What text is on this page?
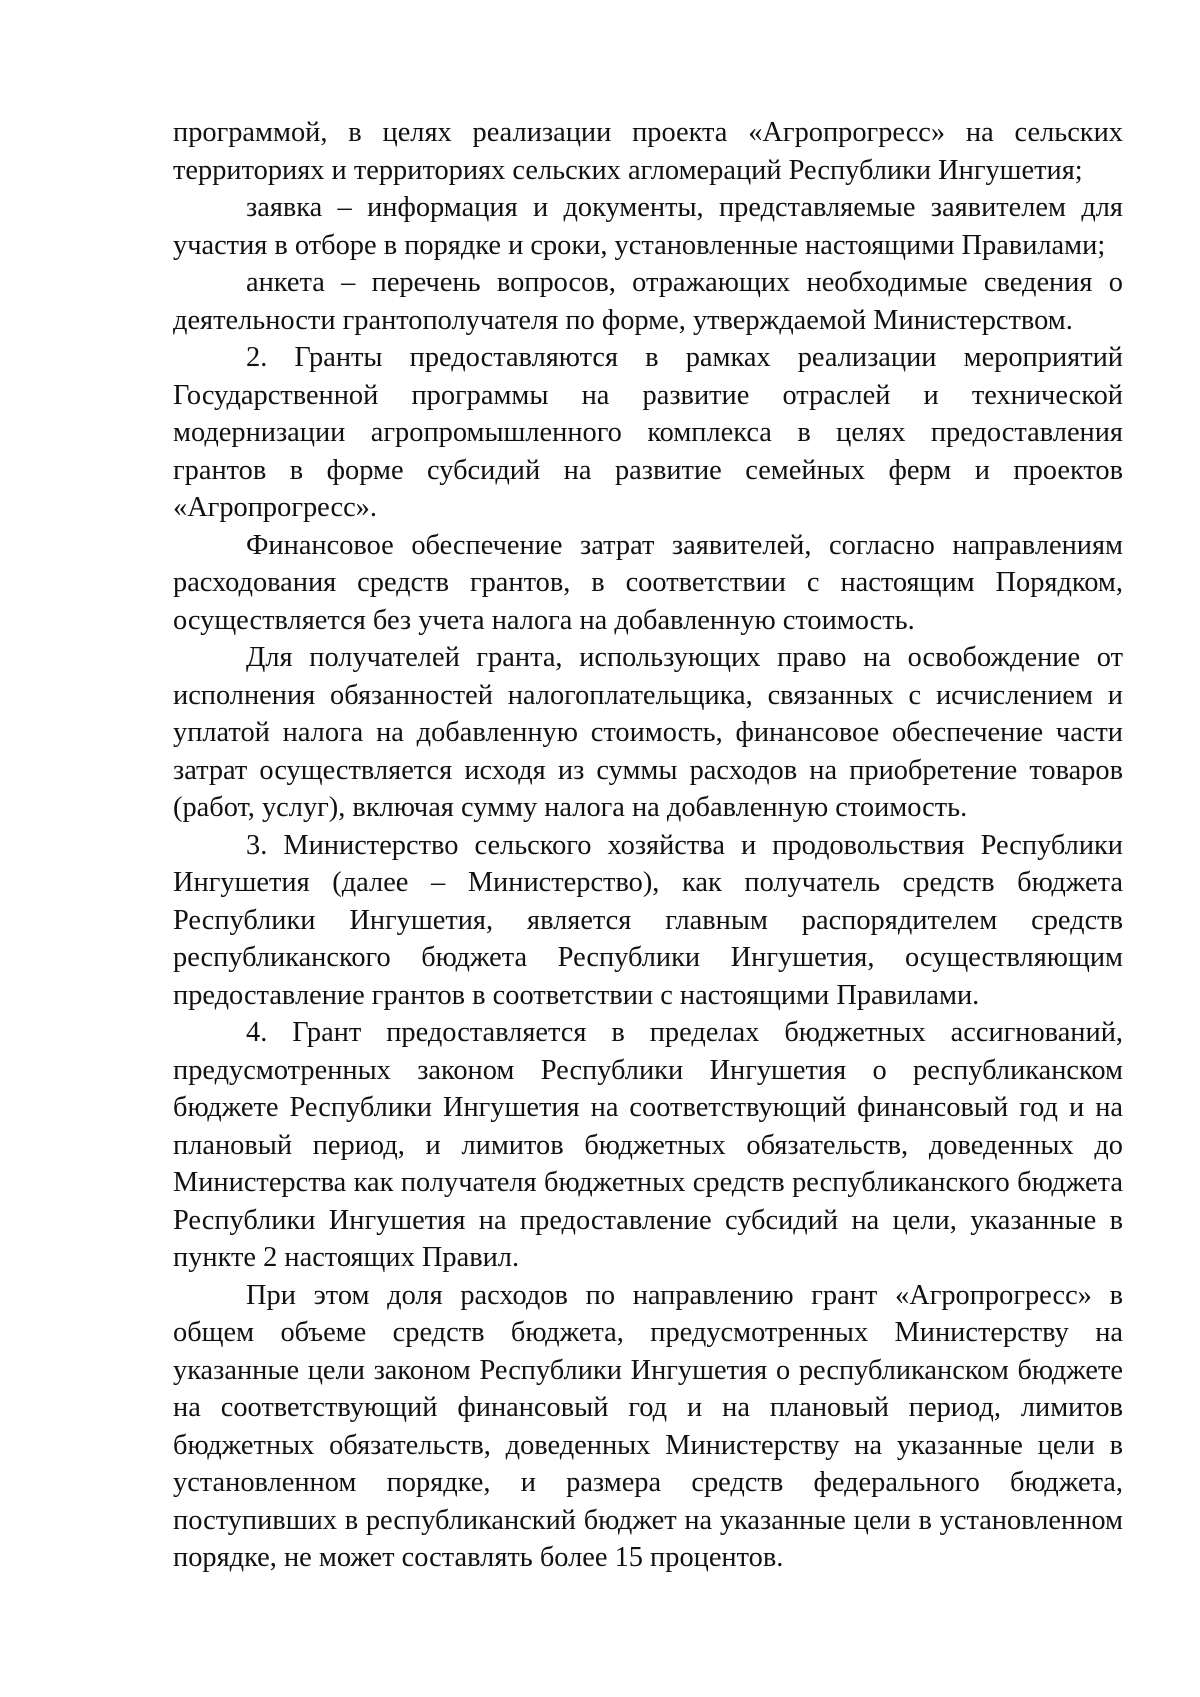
программой, в целях реализации проекта «Агропрогресс» на сельских территориях и территориях сельских агломераций Республики Ингушетия;

заявка – информация и документы, представляемые заявителем для участия в отборе в порядке и сроки, установленные настоящими Правилами;

анкета – перечень вопросов, отражающих необходимые сведения о деятельности грантополучателя по форме, утверждаемой Министерством.

2. Гранты предоставляются в рамках реализации мероприятий Государственной программы на развитие отраслей и технической модернизации агропромышленного комплекса в целях предоставления грантов в форме субсидий на развитие семейных ферм и проектов «Агропрогресс».

Финансовое обеспечение затрат заявителей, согласно направлениям расходования средств грантов, в соответствии с настоящим Порядком, осуществляется без учета налога на добавленную стоимость.

Для получателей гранта, использующих право на освобождение от исполнения обязанностей налогоплательщика, связанных с исчислением и уплатой налога на добавленную стоимость, финансовое обеспечение части затрат осуществляется исходя из суммы расходов на приобретение товаров (работ, услуг), включая сумму налога на добавленную стоимость.

3. Министерство сельского хозяйства и продовольствия Республики Ингушетия (далее – Министерство), как получатель средств бюджета Республики Ингушетия, является главным распорядителем средств республиканского бюджета Республики Ингушетия, осуществляющим предоставление грантов в соответствии с настоящими Правилами.

4. Грант предоставляется в пределах бюджетных ассигнований, предусмотренных законом Республики Ингушетия о республиканском бюджете Республики Ингушетия на соответствующий финансовый год и на плановый период, и лимитов бюджетных обязательств, доведенных до Министерства как получателя бюджетных средств республиканского бюджета Республики Ингушетия на предоставление субсидий на цели, указанные в пункте 2 настоящих Правил.

При этом доля расходов по направлению грант «Агропрогресс» в общем объеме средств бюджета, предусмотренных Министерству на указанные цели законом Республики Ингушетия о республиканском бюджете на соответствующий финансовый год и на плановый период, лимитов бюджетных обязательств, доведенных Министерству на указанные цели в установленном порядке, и размера средств федерального бюджета, поступивших в республиканский бюджет на указанные цели в установленном порядке, не может составлять более 15 процентов.
